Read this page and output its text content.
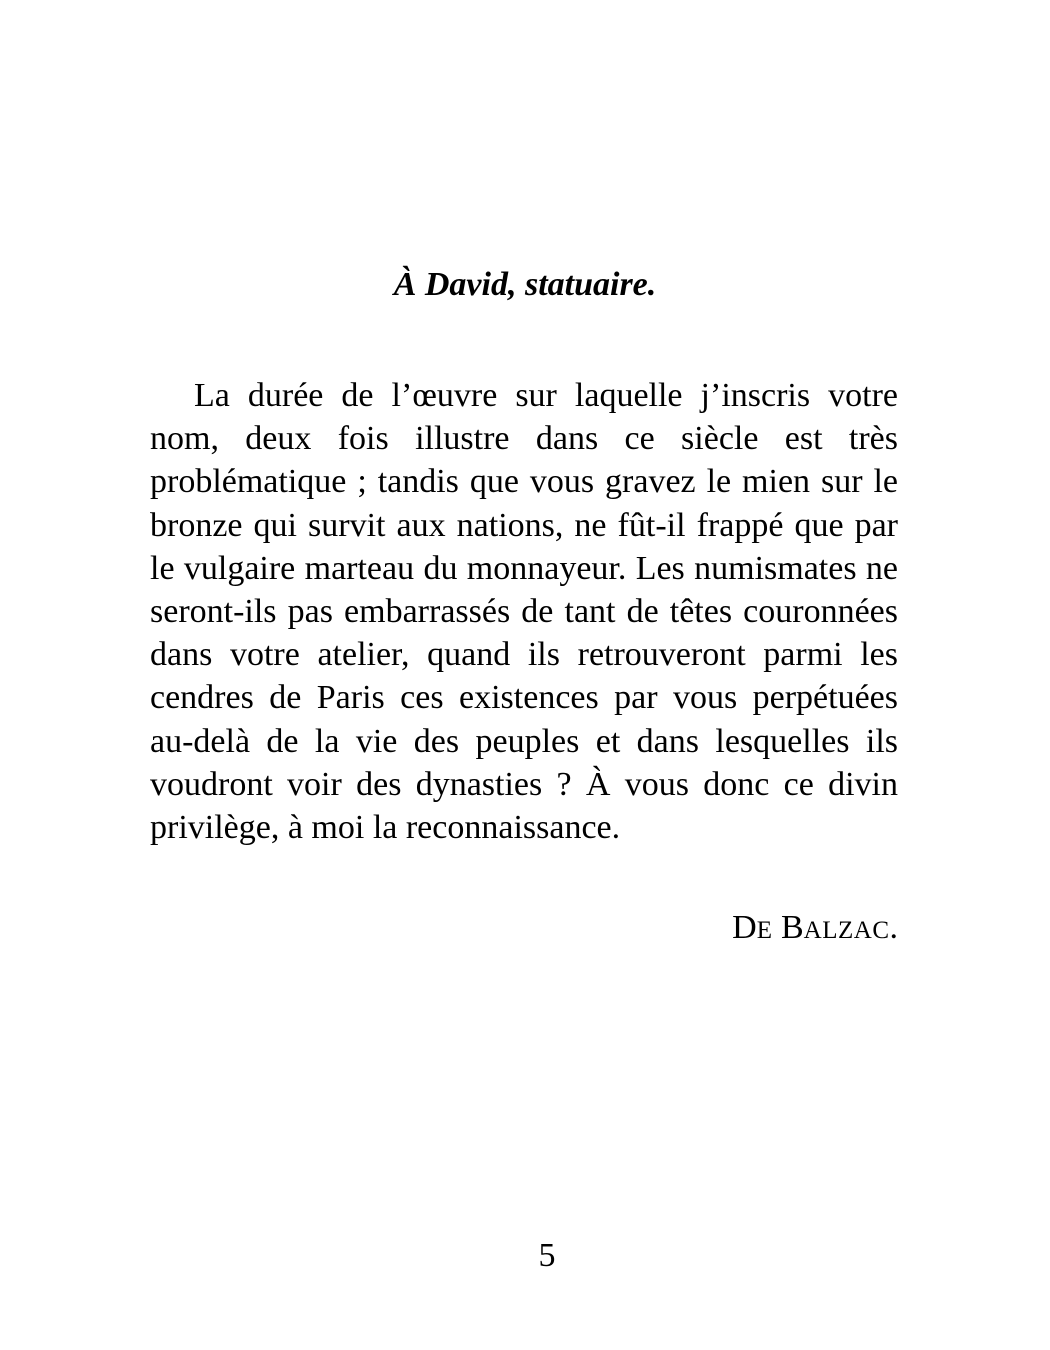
À David, statuaire.

La durée de l’œuvre sur laquelle j’inscris votre nom, deux fois illustre dans ce siècle est très problématique ; tandis que vous gravez le mien sur le bronze qui survit aux nations, ne fût-il frappé que par le vulgaire marteau du monnayeur. Les numismates ne seront-ils pas embarrassés de tant de têtes couronnées dans votre atelier, quand ils retrouveront parmi les cendres de Paris ces existences par vous perpétuées au-delà de la vie des peuples et dans lesquelles ils voudront voir des dynasties ? À vous donc ce divin privilège, à moi la reconnaissance.

DE BALZAC.

5
